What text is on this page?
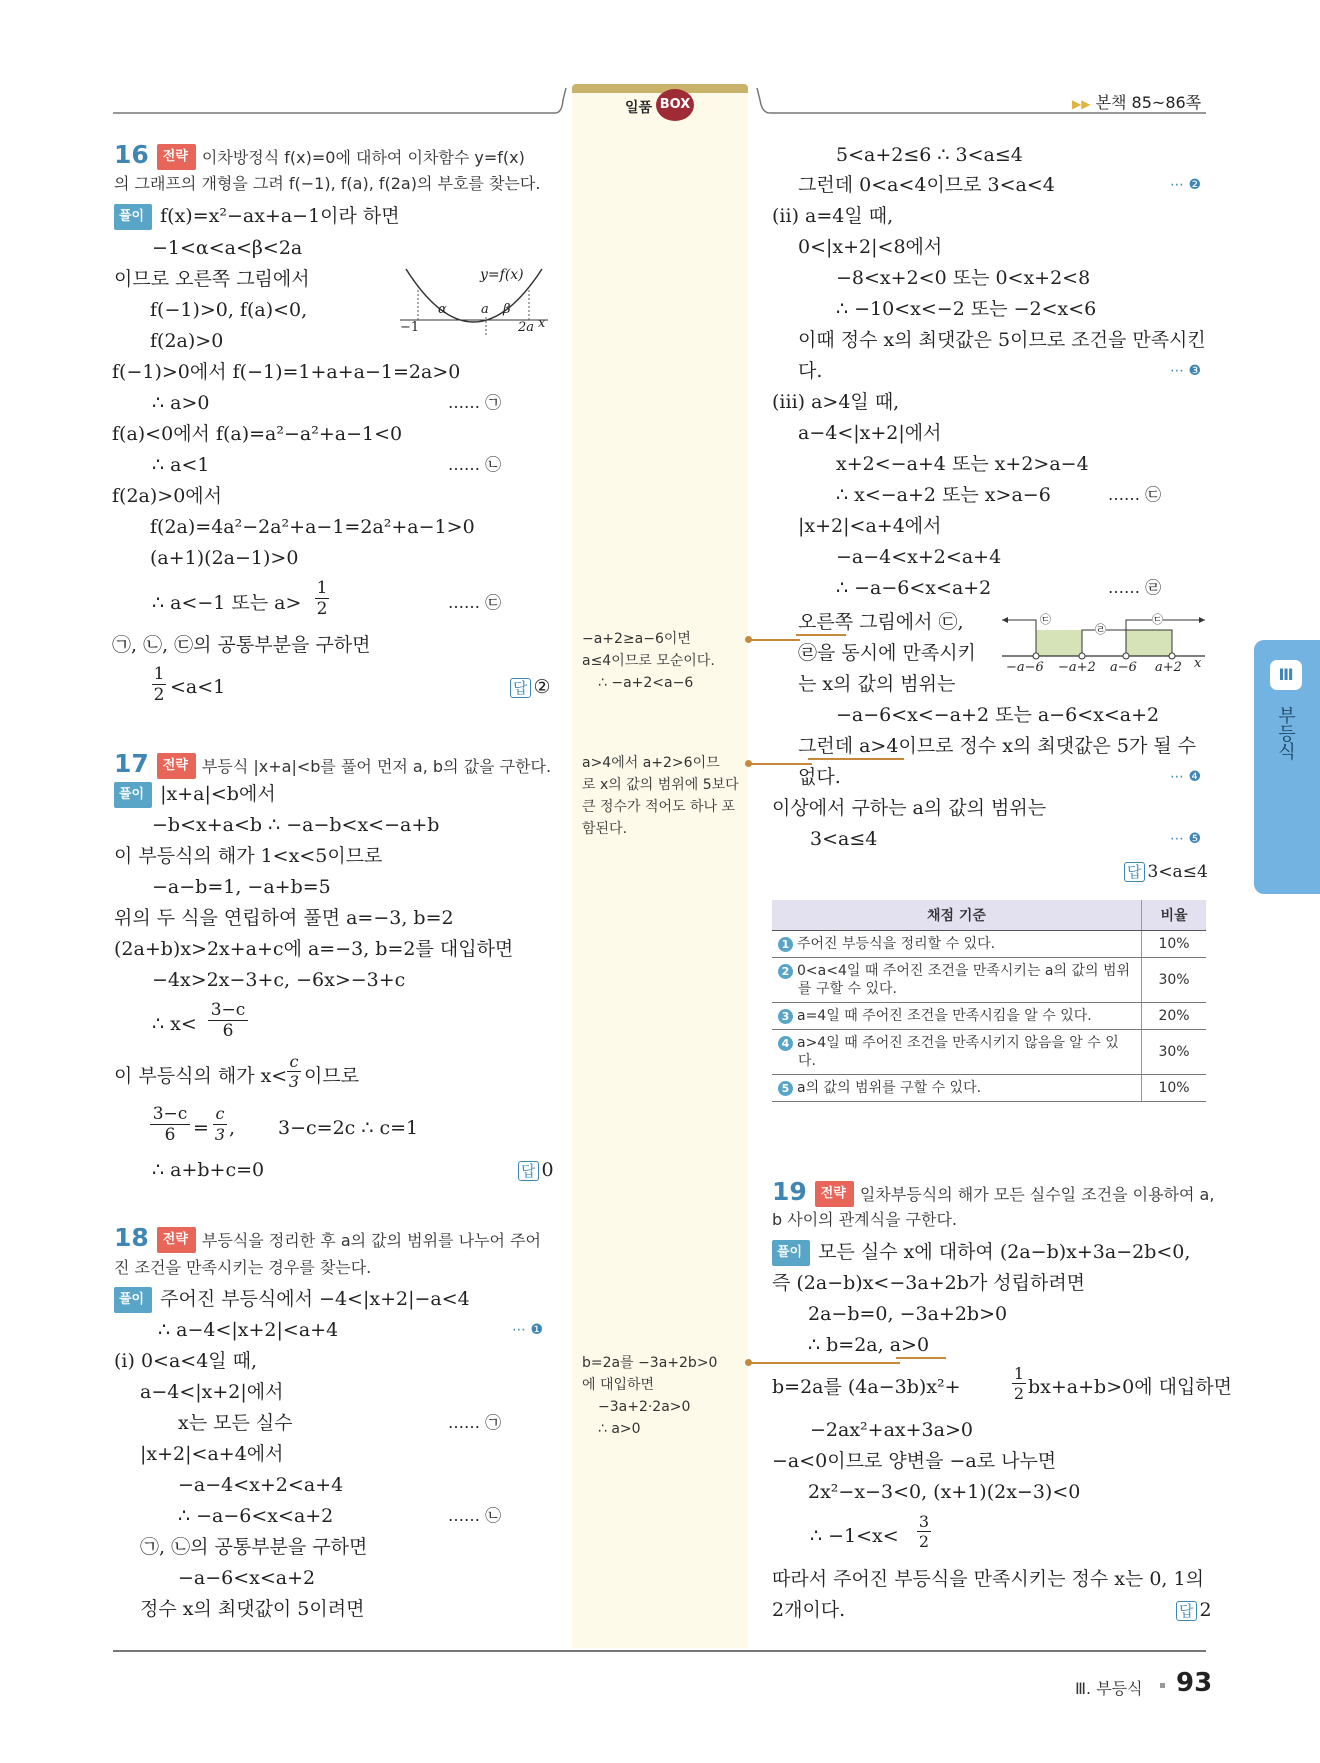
일품 BOX	▶▶ 본책 85~86쪽
16 전략 이차방정식 f(x)=0에 대하여 이차함수 y=f(x)
의 그래프의 개형을 그려 f(−1), f(a), f(2a)의 부호를 찾는다.
풀이 f(x)=x²−ax+a−1이라 하면
−1<α<a<β<2a
이므로 오른쪽 그림에서
f(−1)>0, f(a)<0,
f(2a)>0
f(−1)>0에서 f(−1)=1+a+a−1=2a>0
∴ a>0	…… ㉠
f(a)<0에서 f(a)=a²−a²+a−1<0
∴ a<1	…… ㉡
f(2a)>0에서
f(2a)=4a²−2a²+a−1=2a²+a−1>0
(a+1)(2a−1)>0
∴ a<−1 또는 a>
1
2	…… ㉢
㉠, ㉡, ㉢의 공통부분을 구하면
1
2 <a<1	답 ②
y=f(x)
−1
α	a β
2a x
17 전략 부등식 |x+a|<b를 풀어 먼저 a, b의 값을 구한다.
풀이 |x+a|<b에서
−b<x+a<b ∴ −a−b<x<−a+b
이 부등식의 해가 1<x<5이므로
−a−b=1, −a+b=5
위의 두 식을 연립하여 풀면 a=−3, b=2
(2a+b)x>2x+a+c에 a=−3, b=2를 대입하면
−4x>2x−3+c, −6x>−3+c
∴ x<
3−c
6
이 부등식의 해가 x<
c
3 이므로
3−c
6 =
c
3 , 3−c=2c ∴ c=1
∴ a+b+c=0	답 0
18 전략 부등식을 정리한 후 a의 값의 범위를 나누어 주어
진 조건을 만족시키는 경우를 찾는다.
풀이 주어진 부등식에서 −4<|x+2|−a<4
∴ a−4<|x+2|<a+4	⋯ ❶
(i) 0<a<4일 때,
a−4<|x+2|에서
x는 모든 실수	…… ㉠
|x+2|<a+4에서
−a−4<x+2<a+4
∴ −a−6<x<a+2	…… ㉡
㉠, ㉡의 공통부분을 구하면
−a−6<x<a+2
정수 x의 최댓값이 5이려면
5<a+2≤6 ∴ 3<a≤4
그런데 0<a<4이므로 3<a<4	⋯ ❷
(ii) a=4일 때,
0<|x+2|<8에서
−8<x+2<0 또는 0<x+2<8
∴ −10<x<−2 또는 −2<x<6
이때 정수 x의 최댓값은 5이므로 조건을 만족시킨
다.	⋯ ❸
(iii) a>4일 때,
a−4<|x+2|에서
x+2<−a+4 또는 x+2>a−4
∴ x<−a+2 또는 x>a−6	…… ㉢
|x+2|<a+4에서
−a−4<x+2<a+4
∴ −a−6<x<a+2	…… ㉣
오른쪽 그림에서 ㉢,
㉣을 동시에 만족시키
는 x의 값의 범위는
−a−6<x<−a+2 또는 a−6<x<a+2
그런데 a>4이므로 정수 x의 최댓값은 5가 될 수
없다.	⋯ ❹
이상에서 구하는 a의 값의 범위는
3<a≤4	⋯ ❺
답 3<a≤4
㉢
㉣
㉢
−a−6 −a+2 a−6 a+2 x
채점 기준	비율
1 주어진 부등식을 정리할 수 있다.	10%
2 0<a<4일 때 주어진 조건을 만족시키는 a의 값의 범위를 구할 수 있다.	30%
3 a=4일 때 주어진 조건을 만족시킴을 알 수 있다.	20%
4 a>4일 때 주어진 조건을 만족시키지 않음을 알 수 있다.	30%
5 a의 값의 범위를 구할 수 있다.	10%
19 전략 일차부등식의 해가 모든 실수일 조건을 이용하여 a,
b 사이의 관계식을 구한다.
풀이 모든 실수 x에 대하여 (2a−b)x+3a−2b<0,
즉 (2a−b)x<−3a+2b가 성립하려면
2a−b=0, −3a+2b>0
∴ b=2a, a>0
b=2a를 (4a−3b)x²+
1
2 bx+a+b>0에 대입하면
−2ax²+ax+3a>0
−a<0이므로 양변을 −a로 나누면
2x²−x−3<0, (x+1)(2x−3)<0
∴ −1<x<
3
2
따라서 주어진 부등식을 만족시키는 정수 x는 0, 1의
2개이다.	답 2
−a+2≥a−6이면
a≤4이므로 모순이다.
∴ −a+2<a−6
a>4에서 a+2>6이므
로 x의 값의 범위에 5보다
큰 정수가 적어도 하나 포
함된다.
b=2a를 −3a+2b>0
에 대입하면
−3a+2·2a>0
∴ a>0
Ⅲ
부등식
Ⅲ. 부등식 93
